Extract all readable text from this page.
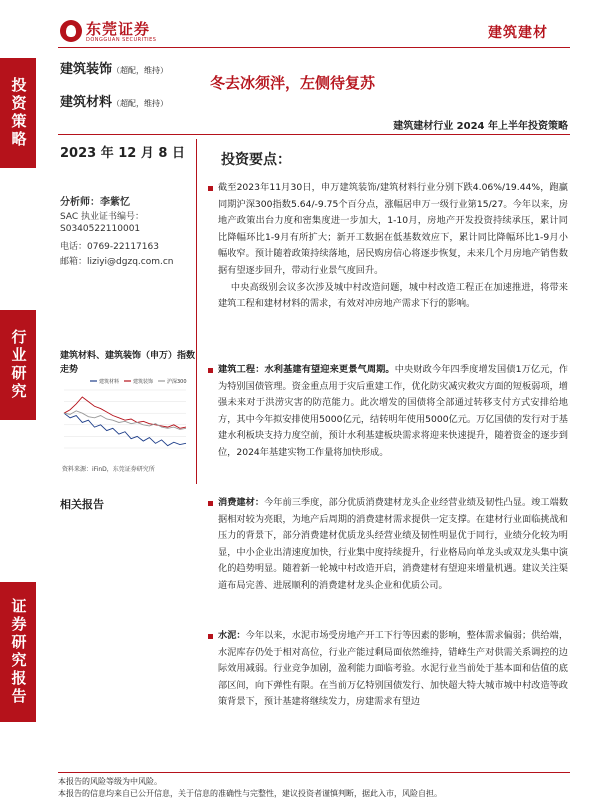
东莞证券
DONGGUAN SECURITIES	建筑建材
投资策略
行业研究
证券研究报告
建筑装饰（超配，维持）
建筑材料（超配，维持）
冬去冰须泮，左侧待复苏
建筑建材行业 2024 年上半年投资策略
2023 年 12 月 8 日
分析师：李紫忆
SAC 执业证书编号：
S0340522110001
电话：0769-22117163
邮箱：liziyi@dgzq.com.cn
建筑材料、建筑装饰（申万）指数走势
建筑材料	建筑装饰	沪深300
资料来源：iFinD，东莞证券研究所
相关报告
投资要点：

截至2023年11月30日，申万建筑装饰/建筑材料行业分别下跌4.06%/19.44%，跑赢同期沪深300指数5.64/-9.75个百分点，涨幅居申万一级行业第15/27。今年以来，房地产政策出台力度和密集度进一步加大，1-10月，房地产开发投资持续承压，累计同比降幅环比1-9月有所扩大；新开工数据在低基数效应下，累计同比降幅环比1-9月小幅收窄。预计随着政策持续落地，居民购房信心将逐步恢复，未来几个月房地产销售数据有望逐步回升，带动行业景气度回升。

中央高级别会议多次涉及城中村改造问题，城中村改造工程正在加速推进，将带来建筑工程和建材材料的需求，有效对冲房地产需求下行的影响。

建筑工程：水利基建有望迎来更景气周期。中央财政今年四季度增发国债1万亿元，作为特别国债管理。资金重点用于灾后重建工作，优化防灾减灾救灾方面的短板弱项，增强未来对于洪涝灾害的防范能力。此次增发的国债将全部通过转移支付方式安排给地方，其中今年拟安排使用5000亿元，结转明年使用5000亿元。万亿国债的发行对于基建水利板块支持力度空前，预计水利基建板块需求将迎来快速提升，随着资金的逐步到位，2024年基建实物工作量将加快形成。

消费建材：今年前三季度，部分优质消费建材龙头企业经营业绩及韧性凸显。竣工端数据相对较为亮眼，为地产后周期的消费建材需求提供一定支撑。在建材行业面临挑战和压力的背景下，部分消费建材优质龙头经营业绩及韧性明显优于同行，业绩分化较为明显，中小企业出清速度加快，行业集中度持续提升，行业格局向单龙头或双龙头集中演化的趋势明显。随着新一轮城中村改造开启，消费建材有望迎来增量机遇。建议关注渠道布局完善、进展顺利的消费建材龙头企业和优质公司。

水泥：今年以来，水泥市场受房地产开工下行等因素的影响，整体需求偏弱；供给端，水泥库存仍处于相对高位，行业产能过剩局面依然维持，错峰生产对供需关系调控的边际效用减弱。行业竞争加剧，盈利能力面临考验。水泥行业当前处于基本面和估值的底部区间，向下弹性有限。在当前万亿特别国债发行、加快超大特大城市城中村改造等政策背景下，预计基建将继续发力，房建需求有望边

本报告的风险等级为中风险。
本报告的信息均来自已公开信息，关于信息的准确性与完整性，建议投资者谨慎判断，据此入市，风险自担。
